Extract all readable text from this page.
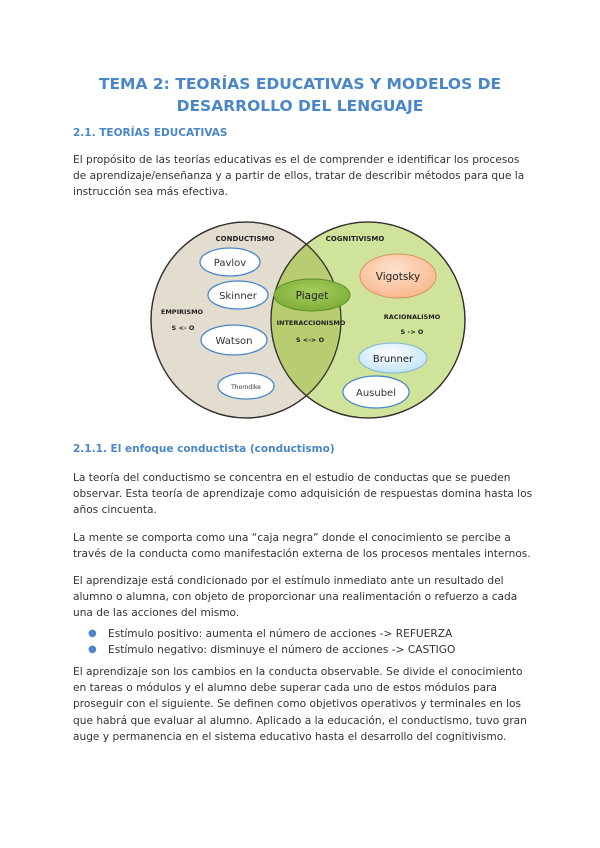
TEMA 2: TEORÍAS EDUCATIVAS Y MODELOS DE
DESARROLLO DEL LENGUAJE
2.1. TEORÍAS EDUCATIVAS
El propósito de las teorías educativas es el de comprender e identificar los procesos de aprendizaje/enseñanza y a partir de ellos, tratar de describir métodos para que la instrucción sea más efectiva.
CONDUCTISMO	COGNITIVISMO
EMPIRISMO
S <- O
RACIONALISMO
S -> O
INTERACCIONISMO
S <-> O
Pavlov
Skinner
Watson
Thorndike
Piaget
Vigotsky
Brunner
Ausubel
2.1.1. El enfoque conductista (conductismo)
La teoría del conductismo se concentra en el estudio de conductas que se pueden observar. Esta teoría de aprendizaje como adquisición de respuestas domina hasta los años cincuenta.
La mente se comporta como una “caja negra” donde el conocimiento se percibe a través de la conducta como manifestación externa de los procesos mentales internos.
El aprendizaje está condicionado por el estímulo inmediato ante un resultado del alumno o alumna, con objeto de proporcionar una realimentación o refuerzo a cada una de las acciones del mismo.
● Estímulo positivo: aumenta el número de acciones -> REFUERZA
● Estímulo negativo: disminuye el número de acciones -> CASTIGO
El aprendizaje son los cambios en la conducta observable. Se divide el conocimiento en tareas o módulos y el alumno debe superar cada uno de estos módulos para proseguir con el siguiente. Se definen como objetivos operativos y terminales en los que habrá que evaluar al alumno. Aplicado a la educación, el conductismo, tuvo gran auge y permanencia en el sistema educativo hasta el desarrollo del cognitivismo.
